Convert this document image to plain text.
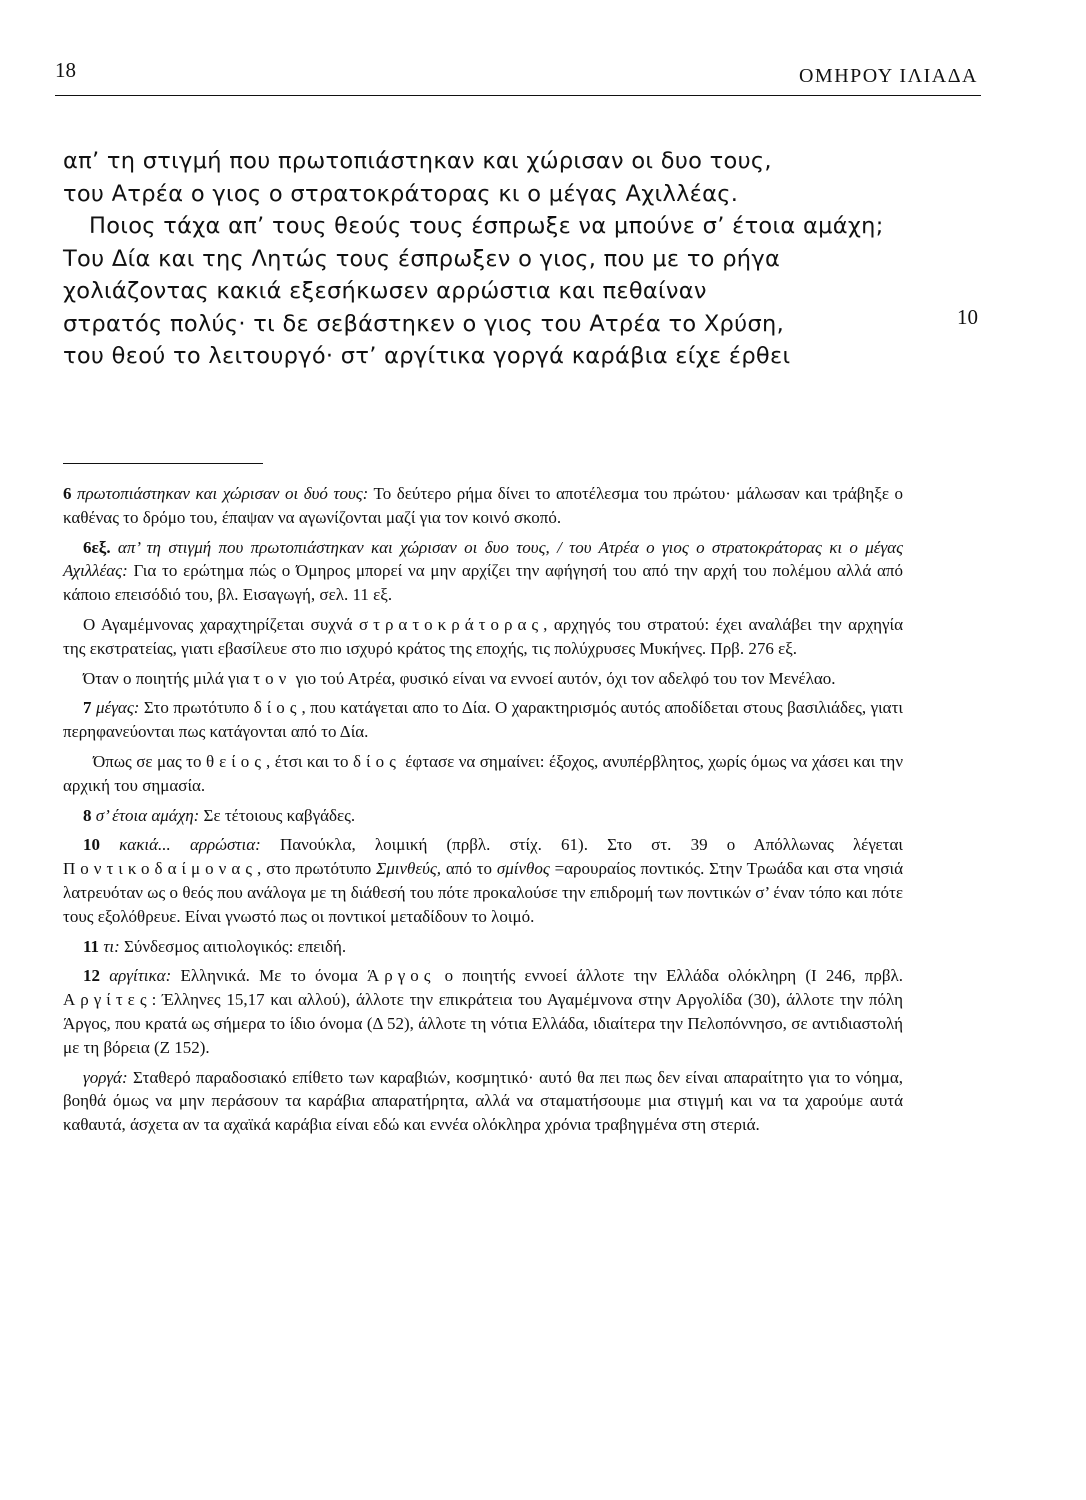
18	ΟΜΗΡΟΥ ΙΛΙΑΔΑ
απ’ τη στιγμή που πρωτοπιάστηκαν και χώρισαν οι δυο τους,
του Ατρέα ο γιος ο στρατοκράτορας κι ο μέγας Αχιλλέας.
Ποιος τάχα απ’ τους θεούς τους έσπρωξε να μπούνε σ’ έτοια αμάχη;
Του Δία και της Λητώς τους έσπρωξεν ο γιος, που με το ρήγα
χολιάζοντας κακιά εξεσήκωσεν αρρώστια και πεθαίναν
στρατός πολύς· τι δε σεβάστηκεν ο γιος του Ατρέα το Χρύση,
του θεού το λειτουργό· στ’ αργίτικα γοργά καράβια είχε έρθει
10

6 πρωτοπιάστηκαν και χώρισαν οι δυό τους: Το δεύτερο ρήμα δίνει το αποτέλεσμα του πρώτου· μάλωσαν και τράβηξε ο καθένας το δρόμο του, έπαψαν να αγωνίζονται μαζί για τον κοινό σκοπό.

6εξ. απ’ τη στιγμή που πρωτοπιάστηκαν και χώρισαν οι δυο τους, / του Ατρέα ο γιος ο στρατοκράτορας κι ο μέγας Αχιλλέας: Για το ερώτημα πώς ο Όμηρος μπορεί να μην αρχίζει την αφήγησή του από την αρχή του πολέμου αλλά από κάποιο επεισόδιό του, βλ. Εισαγωγή, σελ. 11 εξ.

Ο Αγαμέμνονας χαραχτηρίζεται συχνά στρατοκράτορας, αρχηγός του στρατού: έχει αναλάβει την αρχηγία της εκστρατείας, γιατι εβασίλευε στο πιο ισχυρό κράτος της εποχής, τις πολύχρυσες Μυκήνες. Πρβ. 276 εξ.

Όταν ο ποιητής μιλά για τον γιο τού Ατρέα, φυσικό είναι να εννοεί αυτόν, όχι τον αδελφό του τον Μενέλαο.

7 μέγας: Στο πρωτότυπο δίος, που κατάγεται απο το Δία. Ο χαρακτηρισμός αυτός αποδίδεται στους βασιλιάδες, γιατι περηφανεύονται πως κατάγονται από το Δία.

Όπως σε μας το θείος, έτσι και το δίος έφτασε να σημαίνει: έξοχος, ανυπέρβλητος, χωρίς όμως να χάσει και την αρχική του σημασία.

8 σ’ έτοια αμάχη: Σε τέτοιους καβγάδες.

10 κακιά... αρρώστια: Πανούκλα, λοιμική (πρβλ. στίχ. 61). Στο στ. 39 ο Απόλλωνας λέγεται Ποντικοδαίμονας, στο πρωτότυπο Σμινθεύς, από το σμίνθος =αρουραίος ποντικός. Στην Τρωάδα και στα νησιά λατρευόταν ως ο θεός που ανάλογα με τη διάθεσή του πότε προκαλούσε την επιδρομή των ποντικών σ’ έναν τόπο και πότε τους εξολόθρευε. Είναι γνωστό πως οι ποντικοί μεταδίδουν το λοιμό.

11 τι: Σύνδεσμος αιτιολογικός: επειδή.

12 αργίτικα: Ελληνικά. Με το όνομα Άργος ο ποιητής εννοεί άλλοτε την Ελλάδα ολόκληρη (Ι 246, πρβλ. Αργίτες: Έλληνες 15,17 και αλλού), άλλοτε την επικράτεια του Αγαμέμνονα στην Αργολίδα (30), άλλοτε την πόλη Άργος, που κρατά ως σήμερα το ίδιο όνομα (Δ 52), άλλοτε τη νότια Ελλάδα, ιδιαίτερα την Πελοπόννησο, σε αντιδιαστολή με τη βόρεια (Ζ 152).

γοργά: Σταθερό παραδοσιακό επίθετο των καραβιών, κοσμητικό· αυτό θα πει πως δεν είναι απαραίτητο για το νόημα, βοηθά όμως να μην περάσουν τα καράβια απαρατήρητα, αλλά να σταματήσουμε μια στιγμή και να τα χαρούμε αυτά καθαυτά, άσχετα αν τα αχαϊκά καράβια είναι εδώ και εννέα ολόκληρα χρόνια τραβηγμένα στη στεριά.
